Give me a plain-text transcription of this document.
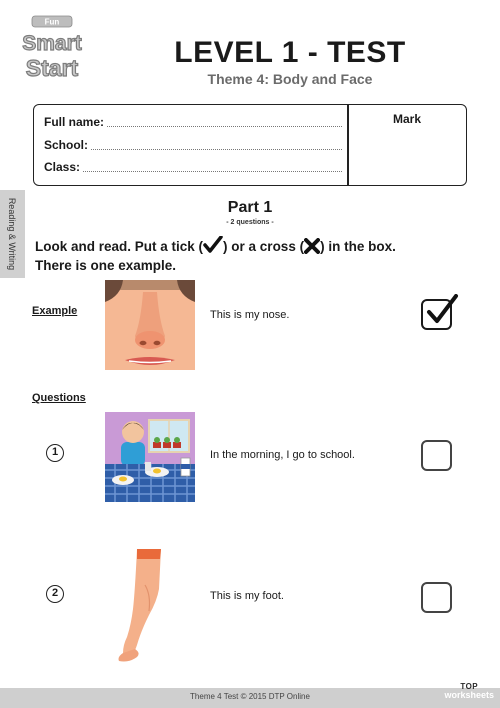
Fun
Smart
Start	LEVEL 1 - TEST
Theme 4: Body and Face
Full name:
School:
Class:
Mark
Reading & Writing	Part 1
- 2 questions -
Look and read. Put a tick ( ) or a cross ( ) in the box.
There is one example.
Example	This is my nose.
Questions
1	In the morning, I go to school.
2	This is my foot.
Theme 4 Test © 2015 DTP Online
TOP
worksheets
